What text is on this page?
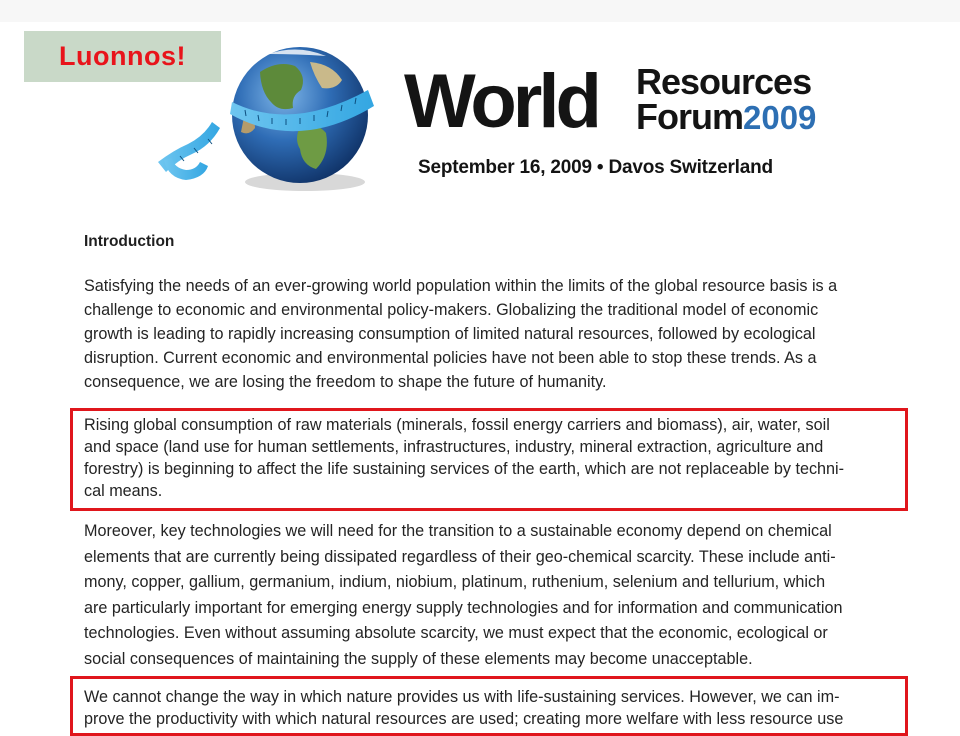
Luonnos!
World Resources
Forum2009
September 16, 2009 • Davos Switzerland
Introduction
Satisfying the needs of an ever-growing world population within the limits of the global resource basis is a
challenge to economic and environmental policy-makers. Globalizing the traditional model of economic
growth is leading to rapidly increasing consumption of limited natural resources, followed by ecological
disruption. Current economic and environmental policies have not been able to stop these trends. As a
consequence, we are losing the freedom to shape the future of humanity.
Rising global consumption of raw materials (minerals, fossil energy carriers and biomass), air, water, soil
and space (land use for human settlements, infrastructures, industry, mineral extraction, agriculture and
forestry) is beginning to affect the life sustaining services of the earth, which are not replaceable by techni-
cal means.
Moreover, key technologies we will need for the transition to a sustainable economy depend on chemical
elements that are currently being dissipated regardless of their geo-chemical scarcity. These include anti-
mony, copper, gallium, germanium, indium, niobium, platinum, ruthenium, selenium and tellurium, which
are particularly important for emerging energy supply technologies and for information and communication
technologies. Even without assuming absolute scarcity, we must expect that the economic, ecological or
social consequences of maintaining the supply of these elements may become unacceptable.
We cannot change the way in which nature provides us with life-sustaining services. However, we can im-
prove the productivity with which natural resources are used; creating more welfare with less resource use
